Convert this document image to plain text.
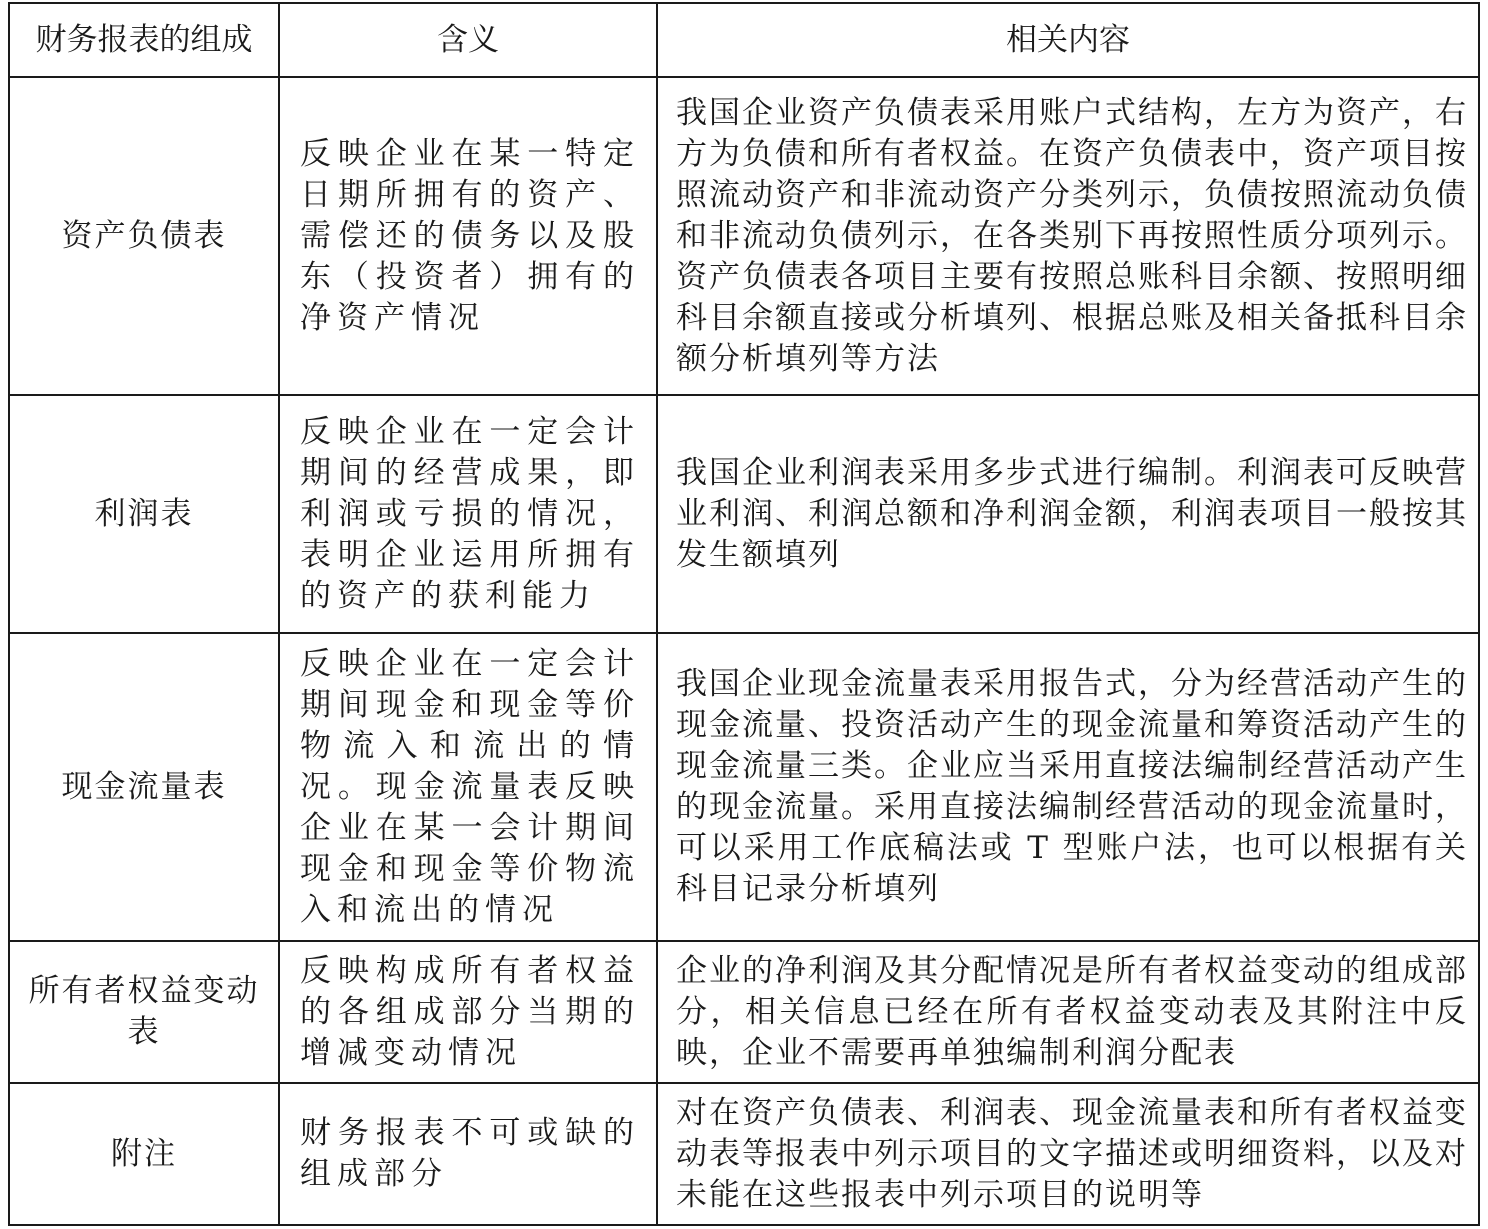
财务报表的组成	含义	相关内容
资产负债表	反映企业在某一特定日期所拥有的资产、需偿还的债务以及股东（投资者）拥有的净资产情况	我国企业资产负债表采用账户式结构，左方为资产，右方为负债和所有者权益。在资产负债表中，资产项目按照流动资产和非流动资产分类列示，负债按照流动负债和非流动负债列示，在各类别下再按照性质分项列示。资产负债表各项目主要有按照总账科目余额、按照明细科目余额直接或分析填列、根据总账及相关备抵科目余额分析填列等方法
利润表	反映企业在一定会计期间的经营成果，即利润或亏损的情况，表明企业运用所拥有的资产的获利能力	我国企业利润表采用多步式进行编制。利润表可反映营业利润、利润总额和净利润金额，利润表项目一般按其发生额填列
现金流量表	反映企业在一定会计期间现金和现金等价物流入和流出的情况。现金流量表反映企业在某一会计期间现金和现金等价物流入和流出的情况	我国企业现金流量表采用报告式，分为经营活动产生的现金流量、投资活动产生的现金流量和筹资活动产生的现金流量三类。企业应当采用直接法编制经营活动产生的现金流量。采用直接法编制经营活动的现金流量时，可以采用工作底稿法或 T 型账户法，也可以根据有关科目记录分析填列
所有者权益变动表	反映构成所有者权益的各组成部分当期的增减变动情况	企业的净利润及其分配情况是所有者权益变动的组成部分，相关信息已经在所有者权益变动表及其附注中反映，企业不需要再单独编制利润分配表
附注	财务报表不可或缺的组成部分	对在资产负债表、利润表、现金流量表和所有者权益变动表等报表中列示项目的文字描述或明细资料，以及对未能在这些报表中列示项目的说明等
